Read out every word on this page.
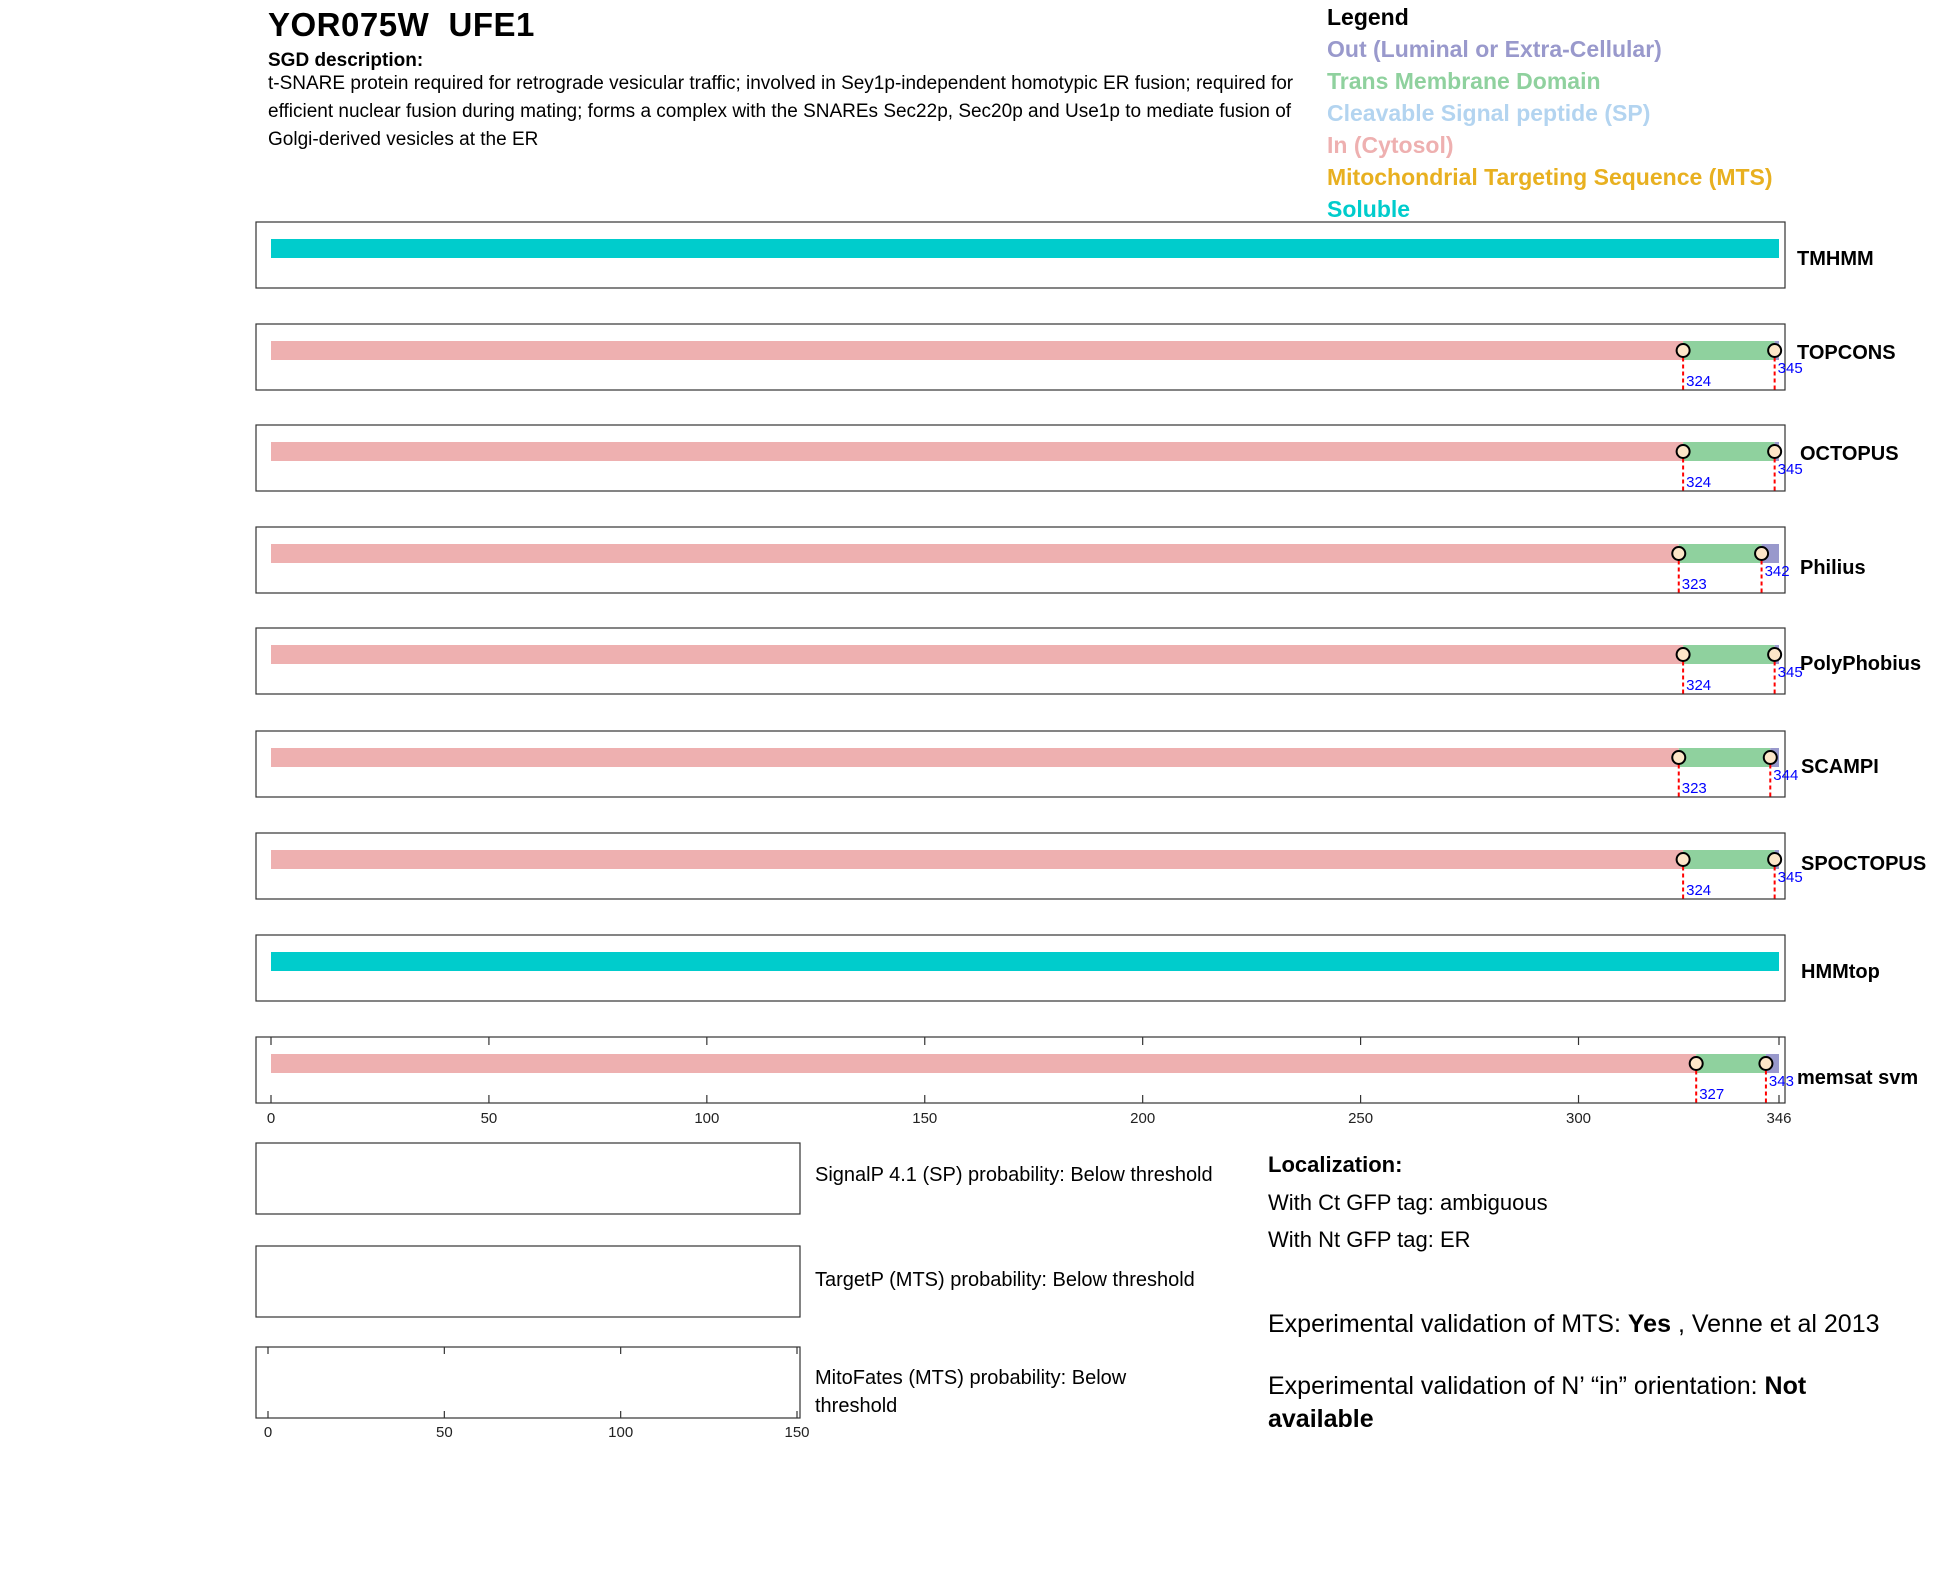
YOR075W  UFE1
SGD description:
t-SNARE protein required for retrograde vesicular traffic; involved in Sey1p-independent homotypic ER fusion; required for efficient nuclear fusion during mating; forms a complex with the SNAREs Sec22p, Sec20p and Use1p to mediate fusion of Golgi-derived vesicles at the ER
Legend
Out (Luminal or Extra-Cellular)
Trans Membrane Domain
Cleavable Signal peptide (SP)
In (Cytosol)
Mitochondrial Targeting Sequence (MTS)
Soluble
TMHMM
324
345
TOPCONS
324
345
OCTOPUS
323
342 Philius
324
345
PolyPhobius
323
344 SCAMPI
324
345
SPOCTOPUS
HMMtop
327
343 memsat svm
0	50	100	150	200	250	300	346
0	50	100	150
SignalP 4.1 (SP) probability: Below threshold
TargetP (MTS) probability: Below threshold
MitoFates (MTS) probability: Below threshold
Localization:
With Ct GFP tag: ambiguous
With Nt GFP tag: ER
Experimental validation of MTS: Yes , Venne et al 2013
Experimental validation of N’ “in” orientation: Not available
